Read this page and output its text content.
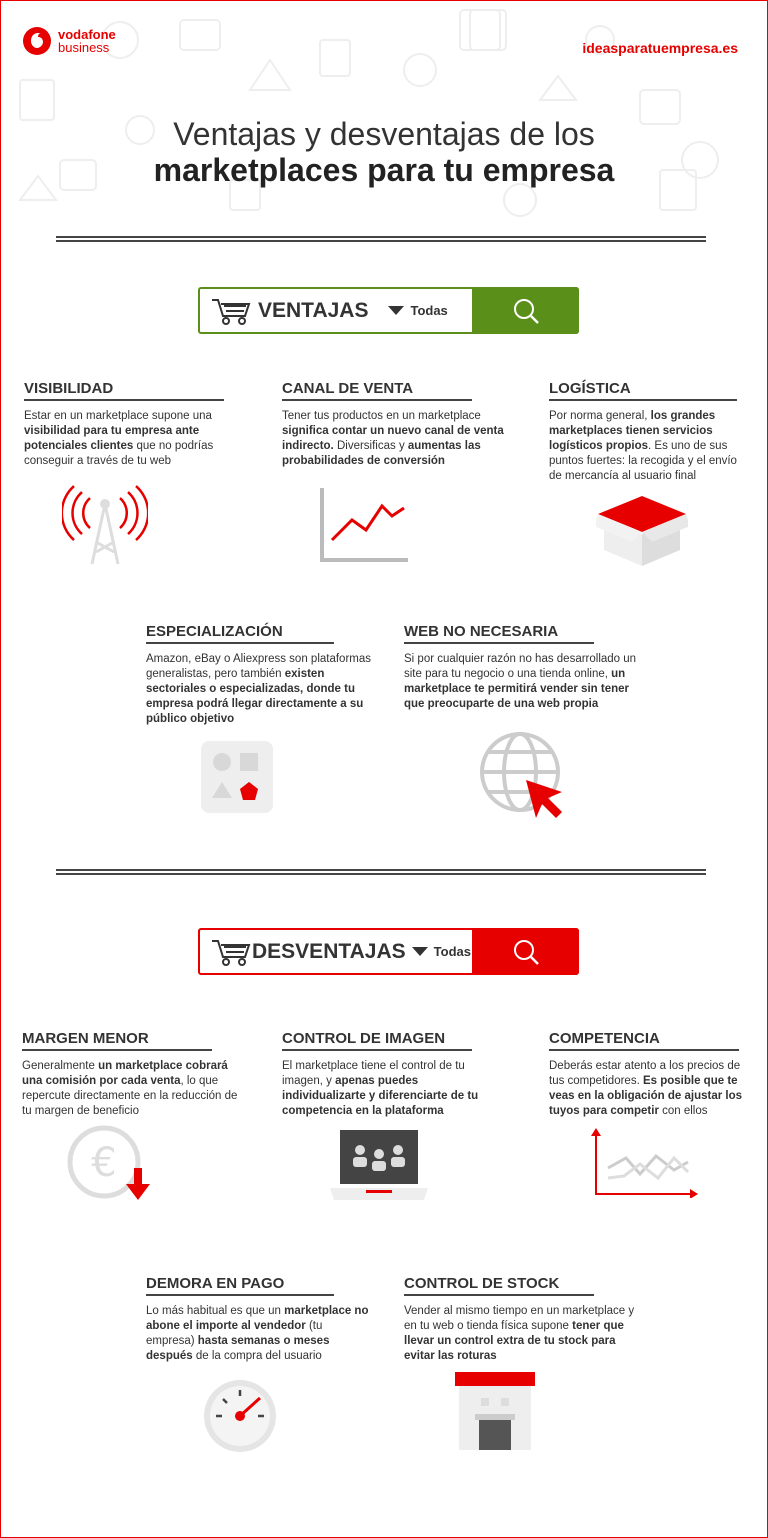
vodafone
business	ideasparatuempresa.es
Ventajas y desventajas de los
marketplaces para tu empresa
VENTAJAS	Todas
VISIBILIDAD
Estar en un marketplace supone una visibilidad para tu empresa ante potenciales clientes que no podrías conseguir a través de tu web
CANAL DE VENTA
Tener tus productos en un marketplace significa contar un nuevo canal de venta indirecto. Diversificas y aumentas las probabilidades de conversión
LOGÍSTICA
Por norma general, los grandes marketplaces tienen servicios logísticos propios. Es uno de sus puntos fuertes: la recogida y el envío de mercancía al usuario final
ESPECIALIZACIÓN
Amazon, eBay o Aliexpress son plataformas generalistas, pero también existen sectoriales o especializadas, donde tu empresa podrá llegar directamente a su público objetivo
WEB NO NECESARIA
Si por cualquier razón no has desarrollado un site para tu negocio o una tienda online, un marketplace te permitirá vender sin tener que preocuparte de una web propia
DESVENTAJAS Todas
MARGEN MENOR
Generalmente un marketplace cobrará una comisión por cada venta, lo que repercute directamente en la reducción de tu margen de beneficio
CONTROL DE IMAGEN
El marketplace tiene el control de tu imagen, y apenas puedes individualizarte y diferenciarte de tu competencia en la plataforma
COMPETENCIA
Deberás estar atento a los precios de tus competidores. Es posible que te veas en la obligación de ajustar los tuyos para competir con ellos
€
DEMORA EN PAGO
Lo más habitual es que un marketplace no abone el importe al vendedor (tu empresa) hasta semanas o meses después de la compra del usuario
CONTROL DE STOCK
Vender al mismo tiempo en un marketplace y en tu web o tienda física supone tener que llevar un control extra de tu stock para evitar las roturas
